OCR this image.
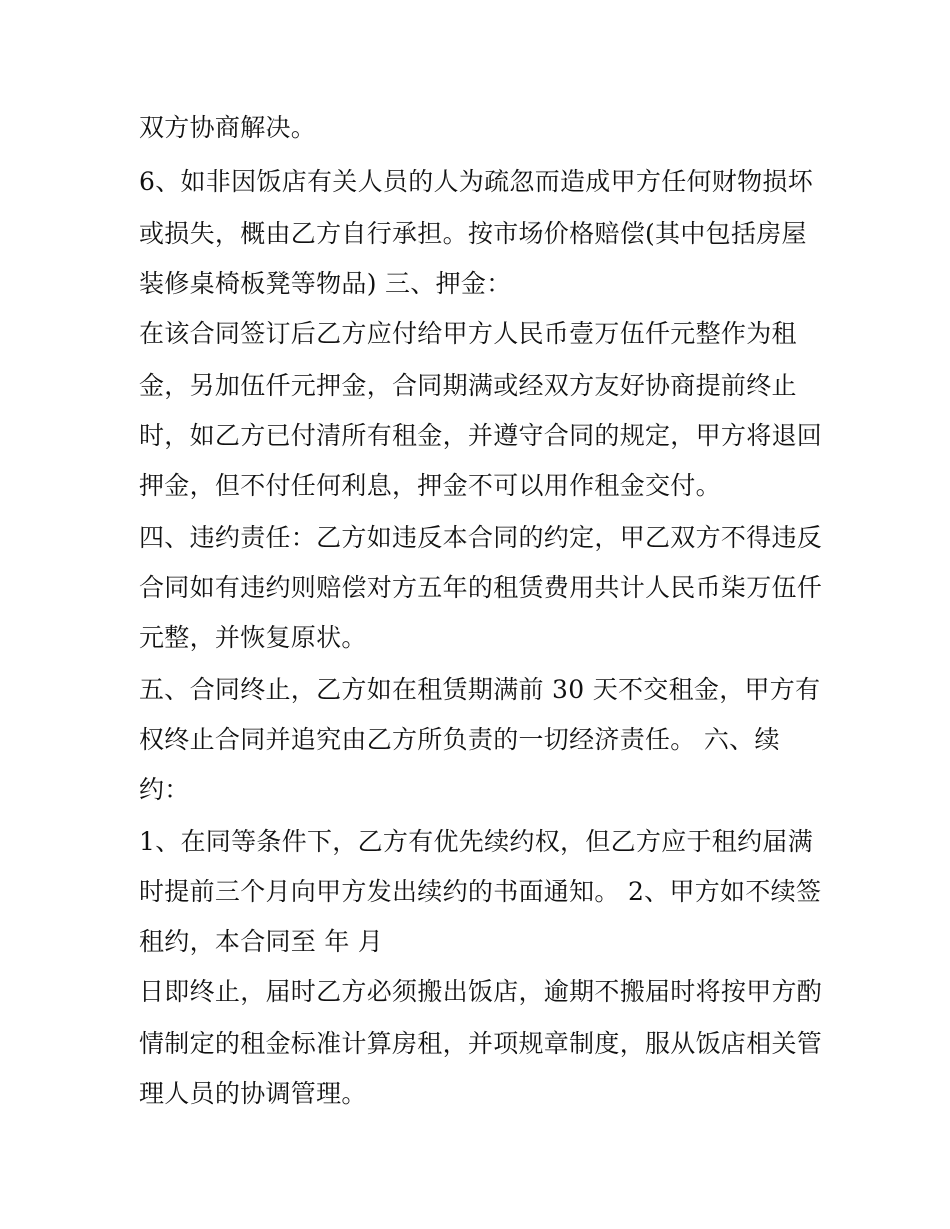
双方协商解决。
6、如非因饭店有关人员的人为疏忽而造成甲方任何财物损坏
或损失，概由乙方自行承担。按市场价格赔偿(其中包括房屋
装修桌椅板凳等物品) 三、押金：
在该合同签订后乙方应付给甲方人民币壹万伍仟元整作为租
金，另加伍仟元押金，合同期满或经双方友好协商提前终止
时，如乙方已付清所有租金，并遵守合同的规定，甲方将退回
押金，但不付任何利息，押金不可以用作租金交付。
四、违约责任：乙方如违反本合同的约定，甲乙双方不得违反
合同如有违约则赔偿对方五年的租赁费用共计人民币柒万伍仟
元整，并恢复原状。
五、合同终止，乙方如在租赁期满前 30 天不交租金，甲方有
权终止合同并追究由乙方所负责的一切经济责任。 六、续
约：
1、在同等条件下，乙方有优先续约权，但乙方应于租约届满
时提前三个月向甲方发出续约的书面通知。 2、甲方如不续签
租约，本合同至 年 月
日即终止，届时乙方必须搬出饭店，逾期不搬届时将按甲方酌
情制定的租金标准计算房租，并项规章制度，服从饭店相关管
理人员的协调管理。
